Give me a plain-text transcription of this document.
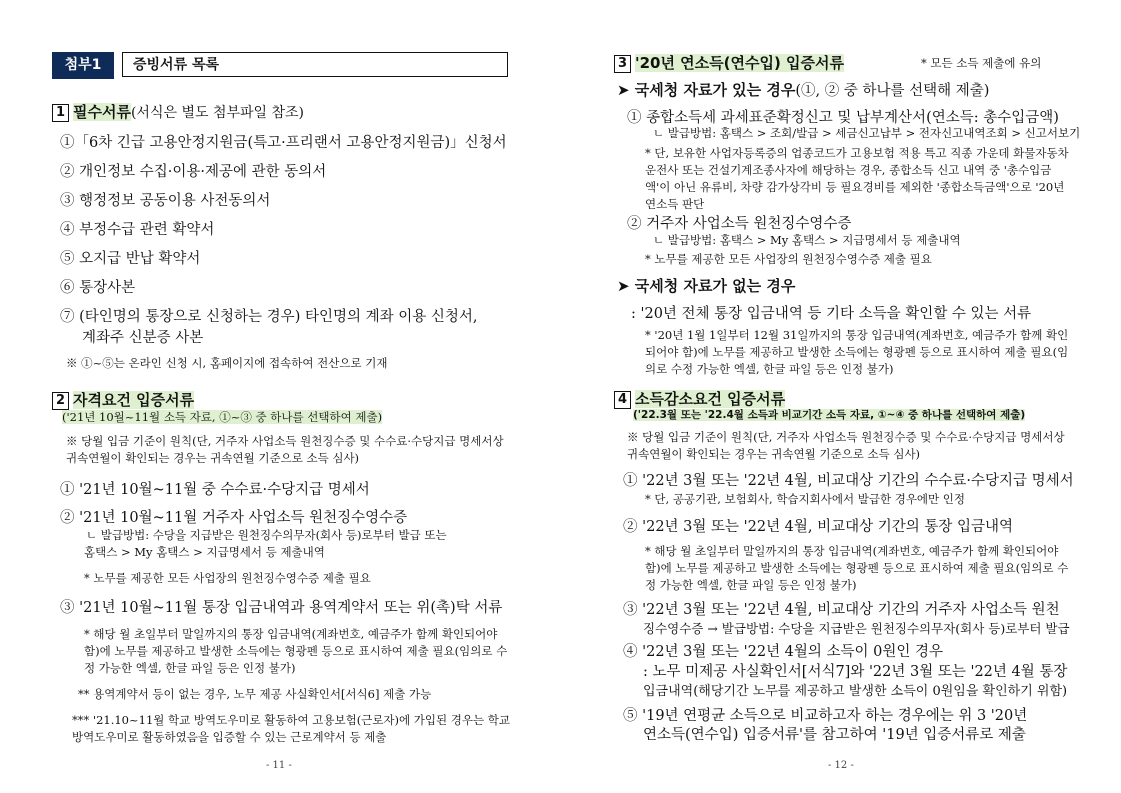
첨부1	증빙서류 목록
1 필수서류(서식은 별도 첨부파일 참조)
①「6차 긴급 고용안정지원금(특고·프리랜서 고용안정지원금)」신청서
② 개인정보 수집·이용·제공에 관한 동의서
③ 행정정보 공동이용 사전동의서
④ 부정수급 관련 확약서
⑤ 오지급 반납 확약서
⑥ 통장사본
⑦ (타인명의 통장으로 신청하는 경우) 타인명의 계좌 이용 신청서,
계좌주 신분증 사본
※ ①~⑤는 온라인 신청 시, 홈페이지에 접속하여 전산으로 기재
2 자격요건 입증서류
('21년 10월~11월 소득 자료, ①~③ 중 하나를 선택하여 제출)
※ 당월 입금 기준이 원칙(단, 거주자 사업소득 원천징수증 및 수수료·수당지급 명세서상 귀속연월이 확인되는 경우는 귀속연월 기준으로 소득 심사)
① '21년 10월~11월 중 수수료·수당지급 명세서
② '21년 10월~11월 거주자 사업소득 원천징수영수증
ㄴ 발급방법: 수당을 지급받은 원천징수의무자(회사 등)로부터 발급 또는
홈택스 > My 홈택스 > 지급명세서 등 제출내역
* 노무를 제공한 모든 사업장의 원천징수영수증 제출 필요
③ '21년 10월~11월 통장 입금내역과 용역계약서 또는 위(촉)탁 서류
* 해당 월 초일부터 말일까지의 통장 입금내역(계좌번호, 예금주가 함께 확인되어야 함)에 노무를 제공하고 발생한 소득에는 형광펜 등으로 표시하여 제출 필요(임의로 수정 가능한 엑셀, 한글 파일 등은 인정 불가)
** 용역계약서 등이 없는 경우, 노무 제공 사실확인서[서식6] 제출 가능
*** '21.10~11월 학교 방역도우미로 활동하여 고용보험(근로자)에 가입된 경우는 학교 방역도우미로 활동하였음을 입증할 수 있는 근로계약서 등 제출
- 11 -
3 '20년 연소득(연수입) 입증서류	* 모든 소득 제출에 유의
➤ 국세청 자료가 있는 경우(①, ② 중 하나를 선택해 제출)
① 종합소득세 과세표준확정신고 및 납부계산서(연소득: 총수입금액)
ㄴ 발급방법: 홈택스 > 조회/발급 > 세금신고납부 > 전자신고내역조회 > 신고서보기
* 단, 보유한 사업자등록증의 업종코드가 고용보험 적용 특고 직종 가운데 화물자동차운전사 또는 건설기계조종사자에 해당하는 경우, 종합소득 신고 내역 중 '총수입금액'이 아닌 유류비, 차량 감가상각비 등 필요경비를 제외한 '종합소득금액'으로 '20년 연소득 판단
② 거주자 사업소득 원천징수영수증
ㄴ 발급방법: 홈택스 > My 홈택스 > 지급명세서 등 제출내역
* 노무를 제공한 모든 사업장의 원천징수영수증 제출 필요
➤ 국세청 자료가 없는 경우
: '20년 전체 통장 입금내역 등 기타 소득을 확인할 수 있는 서류
* '20년 1월 1일부터 12월 31일까지의 통장 입금내역(계좌번호, 예금주가 함께 확인되어야 함)에 노무를 제공하고 발생한 소득에는 형광펜 등으로 표시하여 제출 필요(임의로 수정 가능한 엑셀, 한글 파일 등은 인정 불가)
4 소득감소요건 입증서류
('22.3월 또는 '22.4월 소득과 비교기간 소득 자료, ①~④ 중 하나를 선택하여 제출)
※ 당월 입금 기준이 원칙(단, 거주자 사업소득 원천징수증 및 수수료·수당지급 명세서상 귀속연월이 확인되는 경우는 귀속연월 기준으로 소득 심사)
① '22년 3월 또는 '22년 4월, 비교대상 기간의 수수료·수당지급 명세서
* 단, 공공기관, 보험회사, 학습지회사에서 발급한 경우에만 인정
② '22년 3월 또는 '22년 4월, 비교대상 기간의 통장 입금내역
* 해당 월 초일부터 말일까지의 통장 입금내역(계좌번호, 예금주가 함께 확인되어야 함)에 노무를 제공하고 발생한 소득에는 형광펜 등으로 표시하여 제출 필요(임의로 수정 가능한 엑셀, 한글 파일 등은 인정 불가)
③ '22년 3월 또는 '22년 4월, 비교대상 기간의 거주자 사업소득 원천
징수영수증 → 발급방법: 수당을 지급받은 원천징수의무자(회사 등)로부터 발급
④ '22년 3월 또는 '22년 4월의 소득이 0원인 경우
: 노무 미제공 사실확인서[서식7]와 '22년 3월 또는 '22년 4월 통장
입금내역(해당기간 노무를 제공하고 발생한 소득이 0원임을 확인하기 위함)
⑤ '19년 연평균 소득으로 비교하고자 하는 경우에는 위 3 '20년
연소득(연수입) 입증서류'를 참고하여 '19년 입증서류로 제출
- 12 -
